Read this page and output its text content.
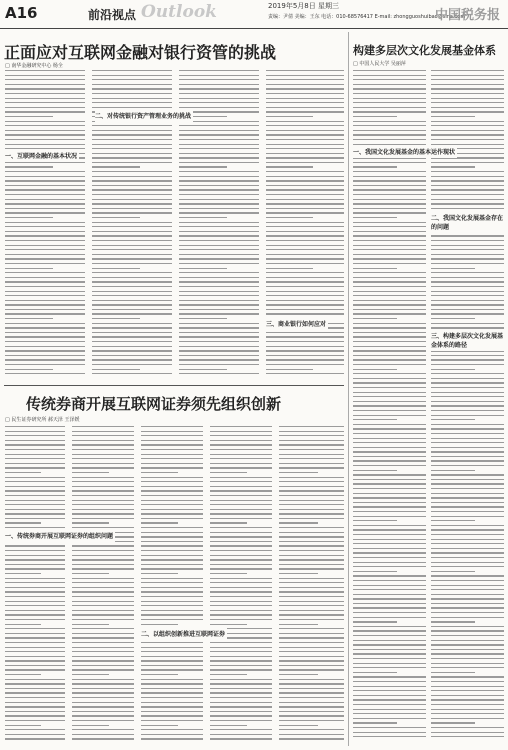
A16	前沿视点 Outlook	2019年5月8日 星期三
责编：尹倩 美编：王东 电话：010-68576417 E-mail: zhongguoshuibao@sina.com
中国税务报
正面应对互联网金融对银行资管的挑战
□ 南华金融研究中心 杨全
一、互联网金融的基本状况
二、对传统银行资产管理业务的挑战
三、商业银行如何应对
传统券商开展互联网证券须先组织创新
□ 民生证券研究所 郝天泽 王泽媛
一、传统券商开展互联网证券的组织问题
二、以组织创新推进互联网证券
构建多层次文化发展基金体系
□ 中国人民大学 吴丽萍
一、我国文化发展基金的基本运作现状
二、我国文化发展基金存在的问题
三、构建多层次文化发展基金体系的路径
